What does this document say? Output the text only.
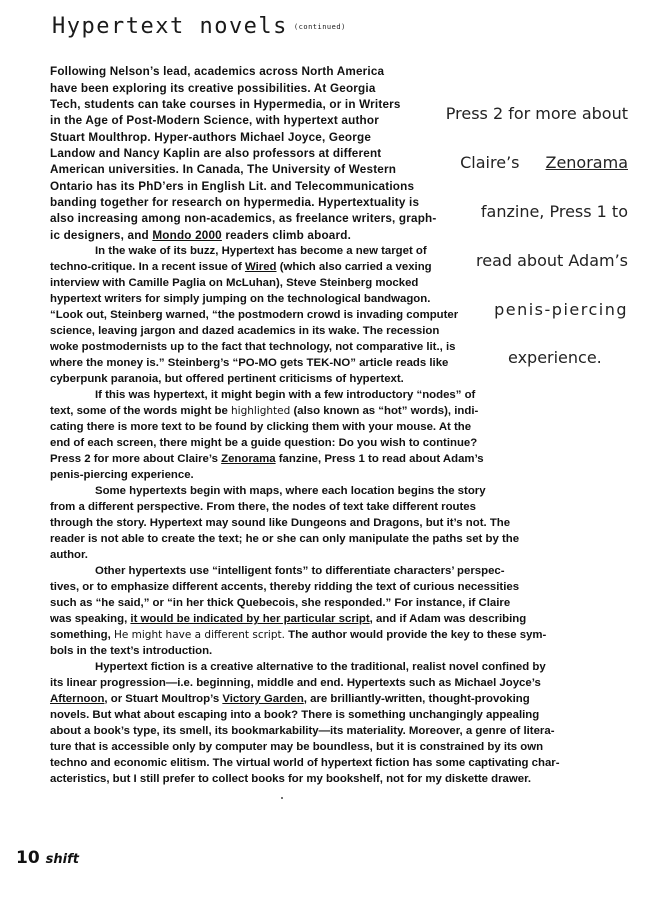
Hypertext novels (continued)
Press 2 for more about
Claire’s Zenorama
fanzine, Press 1 to
read about Adam’s
penis-piercing
experience.
Following Nelson’s lead, academics across North America
have been exploring its creative possibilities. At Georgia
Tech, students can take courses in Hypermedia, or in Writers
in the Age of Post-Modern Science, with hypertext author
Stuart Moulthrop. Hyper-authors Michael Joyce, George
Landow and Nancy Kaplin are also professors at different
American universities. In Canada, The University of Western
Ontario has its PhD’ers in English Lit. and Telecommunications
banding together for research on hypermedia. Hypertextuality is
also increasing among non-academics, as freelance writers, graph-
ic designers, and Mondo 2000 readers climb aboard.
In the wake of its buzz, Hypertext has become a new target of
techno-critique. In a recent issue of Wired (which also carried a vexing
interview with Camille Paglia on McLuhan), Steve Steinberg mocked
hypertext writers for simply jumping on the technological bandwagon.
“Look out, Steinberg warned, “the postmodern crowd is invading computer
science, leaving jargon and dazed academics in its wake. The recession
woke postmodernists up to the fact that technology, not comparative lit., is
where the money is.” Steinberg’s “PO-MO gets TEK-NO” article reads like
cyberpunk paranoia, but offered pertinent criticisms of hypertext.
If this was hypertext, it might begin with a few introductory “nodes” of
text, some of the words might be highlighted (also known as “hot” words), indi-
cating there is more text to be found by clicking them with your mouse. At the
end of each screen, there might be a guide question: Do you wish to continue?
Press 2 for more about Claire’s Zenorama fanzine, Press 1 to read about Adam’s
penis-piercing experience.
Some hypertexts begin with maps, where each location begins the story
from a different perspective. From there, the nodes of text take different routes
through the story. Hypertext may sound like Dungeons and Dragons, but it’s not. The
reader is not able to create the text; he or she can only manipulate the paths set by the
author.
Other hypertexts use “intelligent fonts” to differentiate characters’ perspec-
tives, or to emphasize different accents, thereby ridding the text of curious necessities
such as “he said,” or “in her thick Quebecois, she responded.” For instance, if Claire
was speaking, it would be indicated by her particular script, and if Adam was describing
something, He might have a different script. The author would provide the key to these sym-
bols in the text’s introduction.
Hypertext fiction is a creative alternative to the traditional, realist novel confined by
its linear progression—i.e. beginning, middle and end. Hypertexts such as Michael Joyce’s
Afternoon, or Stuart Moultrop’s Victory Garden, are brilliantly-written, thought-provoking
novels. But what about escaping into a book? There is something unchangingly appealing
about a book’s type, its smell, its bookmarkability—its materiality. Moreover, a genre of litera-
ture that is accessible only by computer may be boundless, but it is constrained by its own
techno and economic elitism. The virtual world of hypertext fiction has some captivating char-
acteristics, but I still prefer to collect books for my bookshelf, not for my diskette drawer.
10 shift
